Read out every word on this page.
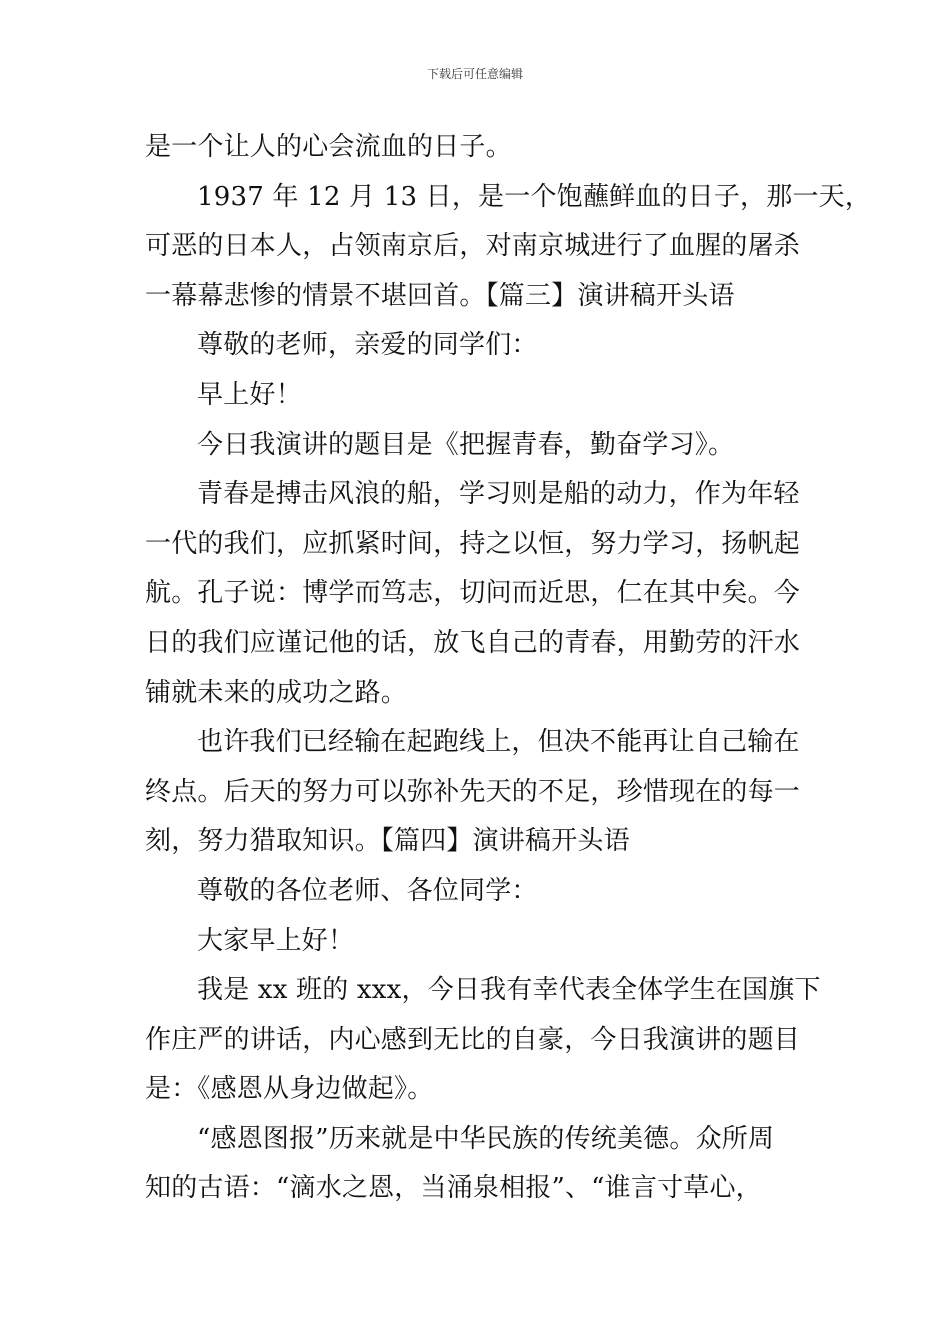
下载后可任意编辑
是一个让人的心会流血的日子。
1937 年 12 月 13 日，是一个饱蘸鲜血的日子，那一天，
可恶的日本人，占领南京后，对南京城进行了血腥的屠杀
一幕幕悲惨的情景不堪回首。【篇三】演讲稿开头语
尊敬的老师，亲爱的同学们：
早上好！
今日我演讲的题目是《把握青春，勤奋学习》。
青春是搏击风浪的船，学习则是船的动力，作为年轻
一代的我们，应抓紧时间，持之以恒，努力学习，扬帆起
航。孔子说：博学而笃志，切问而近思，仁在其中矣。今
日的我们应谨记他的话，放飞自己的青春，用勤劳的汗水
铺就未来的成功之路。
也许我们已经输在起跑线上，但决不能再让自己输在
终点。后天的努力可以弥补先天的不足，珍惜现在的每一
刻，努力猎取知识。【篇四】演讲稿开头语
尊敬的各位老师、各位同学：
大家早上好！
我是 xx 班的 xxx，今日我有幸代表全体学生在国旗下
作庄严的讲话，内心感到无比的自豪，今日我演讲的题目
是：《感恩从身边做起》。
“感恩图报”历来就是中华民族的传统美德。众所周
知的古语：“滴水之恩，当涌泉相报”、“谁言寸草心，
